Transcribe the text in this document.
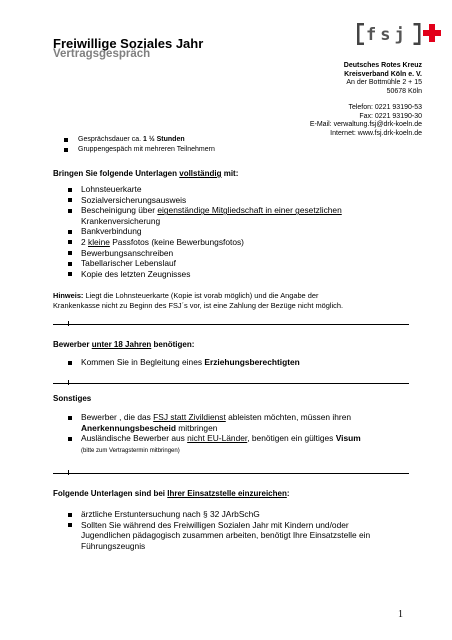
Freiwillige Soziales Jahr
Vertragsgespräch
fsj
Deutsches Rotes Kreuz
Kreisverband Köln e. V.
An der Bottmühle 2 + 15
50678 Köln
Telefon: 0221 93190-53
Fax: 0221 93190-30
E-Mail: verwaltung.fsj@drk-koeln.de
Internet: www.fsj.drk-koeln.de
Gesprächsdauer ca. 1 ½ Stunden
Gruppengespäch mit mehreren Teilnehmern
Bringen Sie folgende Unterlagen vollständig mit:
Lohnsteuerkarte
Sozialversicherungsausweis
Bescheinigung über eigenständige Mitgliedschaft in einer gesetzlichen
Krankenversicherung
Bankverbindung
2 kleine Passfotos (keine Bewerbungsfotos)
Bewerbungsanschreiben
Tabellarischer Lebenslauf
Kopie des letzten Zeugnisses
Hinweis: Liegt die Lohnsteuerkarte (Kopie ist vorab möglich) und die Angabe der
Krankenkasse nicht zu Beginn des FSJ´s vor, ist eine Zahlung der Bezüge nicht möglich.
Bewerber unter 18 Jahren benötigen:
Kommen Sie in Begleitung eines Erziehungsberechtigten
Sonstiges
Bewerber , die das FSJ statt Zivildienst ableisten möchten, müssen ihren
Anerkennungsbescheid mitbringen
Ausländische Bewerber aus nicht EU-Länder, benötigen ein gültiges Visum
(bitte zum Vertragstermin mitbringen)
Folgende Unterlagen sind bei Ihrer Einsatzstelle einzureichen:
ärztliche Erstuntersuchung nach § 32 JArbSchG
Sollten Sie während des Freiwilligen Sozialen Jahr mit Kindern und/oder
Jugendlichen pädagogisch zusammen arbeiten, benötigt Ihre Einsatzstelle ein
Führungszeugnis
1
